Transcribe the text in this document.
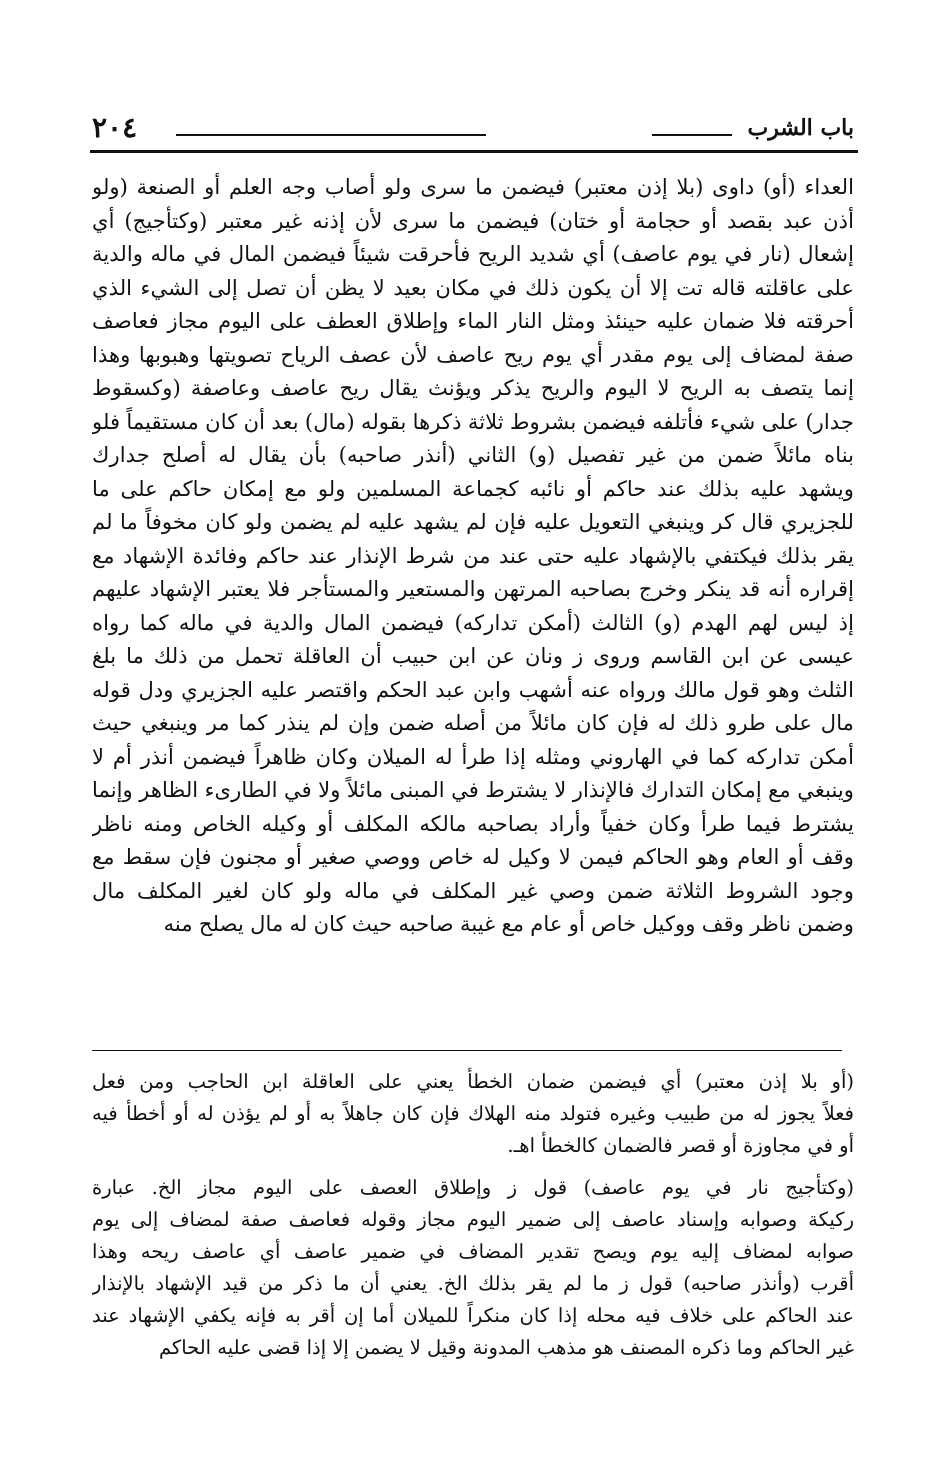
٢٠٤	باب الشرب
العداء (أو) داوى (بلا إذن معتبر) فيضمن ما سرى ولو أصاب وجه العلم أو الصنعة (ولو
أذن عبد بقصد أو حجامة أو ختان) فيضمن ما سرى لأن إذنه غير معتبر (وكتأجيج) أي
إشعال (نار في يوم عاصف) أي شديد الريح فأحرقت شيئاً فيضمن المال في ماله والدية
على عاقلته قاله تت إلا أن يكون ذلك في مكان بعيد لا يظن أن تصل إلى الشيء الذي
أحرقته فلا ضمان عليه حينئذ ومثل النار الماء وإطلاق العطف على اليوم مجاز فعاصف
صفة لمضاف إلى يوم مقدر أي يوم ريح عاصف لأن عصف الرياح تصويتها وهبوبها وهذا
إنما يتصف به الريح لا اليوم والريح يذكر ويؤنث يقال ريح عاصف وعاصفة (وكسقوط
جدار) على شيء فأتلفه فيضمن بشروط ثلاثة ذكرها بقوله (مال) بعد أن كان مستقيماً فلو
بناه مائلاً ضمن من غير تفصيل (و) الثاني (أنذر صاحبه) بأن يقال له أصلح جدارك
ويشهد عليه بذلك عند حاكم أو نائبه كجماعة المسلمين ولو مع إمكان حاكم على ما
للجزيري قال كر وينبغي التعويل عليه فإن لم يشهد عليه لم يضمن ولو كان مخوفاً ما لم
يقر بذلك فيكتفي بالإشهاد عليه حتى عند من شرط الإنذار عند حاكم وفائدة الإشهاد مع
إقراره أنه قد ينكر وخرج بصاحبه المرتهن والمستعير والمستأجر فلا يعتبر الإشهاد عليهم
إذ ليس لهم الهدم (و) الثالث (أمكن تداركه) فيضمن المال والدية في ماله كما رواه
عيسى عن ابن القاسم وروى ز ونان عن ابن حبيب أن العاقلة تحمل من ذلك ما بلغ
الثلث وهو قول مالك ورواه عنه أشهب وابن عبد الحكم واقتصر عليه الجزيري ودل قوله
مال على طرو ذلك له فإن كان مائلاً من أصله ضمن وإن لم ينذر كما مر وينبغي حيث
أمكن تداركه كما في الهاروني ومثله إذا طرأ له الميلان وكان ظاهراً فيضمن أنذر أم لا
وينبغي مع إمكان التدارك فالإنذار لا يشترط في المبنى مائلاً ولا في الطارىء الظاهر وإنما
يشترط فيما طرأ وكان خفياً وأراد بصاحبه مالكه المكلف أو وكيله الخاص ومنه ناظر
وقف أو العام وهو الحاكم فيمن لا وكيل له خاص ووصي صغير أو مجنون فإن سقط مع
وجود الشروط الثلاثة ضمن وصي غير المكلف في ماله ولو كان لغير المكلف مال
وضمن ناظر وقف ووكيل خاص أو عام مع غيبة صاحبه حيث كان له مال يصلح منه
(أو بلا إذن معتبر) أي فيضمن ضمان الخطأ يعني على العاقلة ابن الحاجب ومن فعل
فعلاً يجوز له من طبيب وغيره فتولد منه الهلاك فإن كان جاهلاً به أو لم يؤذن له أو أخطأ فيه
أو في مجاوزة أو قصر فالضمان كالخطأ اهـ.
(وكتأجيج نار في يوم عاصف) قول ز وإطلاق العصف على اليوم مجاز الخ. عبارة
ركيكة وصوابه وإسناد عاصف إلى ضمير اليوم مجاز وقوله فعاصف صفة لمضاف إلى يوم
صوابه لمضاف إليه يوم ويصح تقدير المضاف في ضمير عاصف أي عاصف ريحه وهذا
أقرب (وأنذر صاحبه) قول ز ما لم يقر بذلك الخ. يعني أن ما ذكر من قيد الإشهاد بالإنذار
عند الحاكم على خلاف فيه محله إذا كان منكراً للميلان أما إن أقر به فإنه يكفي الإشهاد عند
غير الحاكم وما ذكره المصنف هو مذهب المدونة وقيل لا يضمن إلا إذا قضى عليه الحاكم
